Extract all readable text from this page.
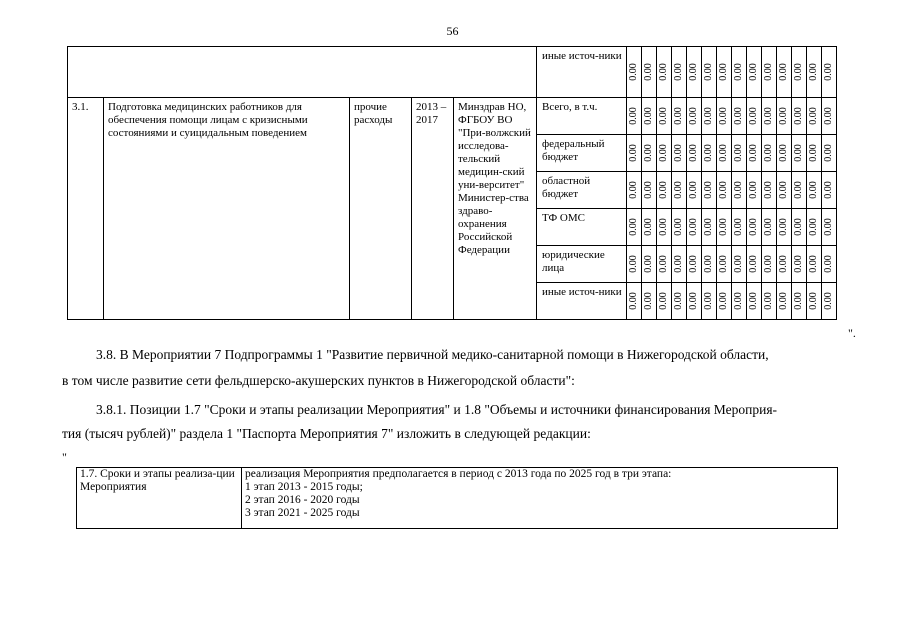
56
					иные источ-ники	0.00	0.00	0.00	0.00	0.00	0.00	0.00	0.00	0.00	0.00	0.00	0.00	0.00	0.00

3.1.	Подготовка медицинских работников для обеспечения помощи лицам с кризисными состояниями и суицидальным поведением	прочие расходы	2013 – 2017	Минздрав НО, ФГБОУ ВО "При-волжский исследова-тельский медицин-ский уни-верситет" Министер-ства здраво-охранения Российской Федерации	Всего, в т.ч.	0.00	0.00	0.00	0.00	0.00	0.00	0.00	0.00	0.00	0.00	0.00	0.00	0.00	0.00

					федеральный бюджет	0.00	0.00	0.00	0.00	0.00	0.00	0.00	0.00	0.00	0.00	0.00	0.00	0.00	0.00

					областной бюджет	0.00	0.00	0.00	0.00	0.00	0.00	0.00	0.00	0.00	0.00	0.00	0.00	0.00	0.00

					ТФ ОМС	0.00	0.00	0.00	0.00	0.00	0.00	0.00	0.00	0.00	0.00	0.00	0.00	0.00	0.00

					юридические лица	0.00	0.00	0.00	0.00	0.00	0.00	0.00	0.00	0.00	0.00	0.00	0.00	0.00	0.00

					иные источ-ники	0.00	0.00	0.00	0.00	0.00	0.00	0.00	0.00	0.00	0.00	0.00	0.00	0.00	0.00
".
3.8. В Мероприятии 7 Подпрограммы 1 "Развитие первичной медико-санитарной помощи в Нижегородской области,
в том числе развитие сети фельдшерско-акушерских пунктов в Нижегородской области":
3.8.1. Позиции 1.7 "Сроки и этапы реализации Мероприятия" и 1.8 "Объемы и источники финансирования Мероприя-
тия (тысяч рублей)" раздела 1 "Паспорта Мероприятия 7" изложить в следующей редакции:
"
1.7. Сроки и этапы реализа-ции Мероприятия	
реализация Мероприятия предполагается в период с 2013 года по 2025 год в три этапа:
1 этап 2013 - 2015 годы;
2 этап 2016 - 2020 годы
3 этап 2021 - 2025 годы
